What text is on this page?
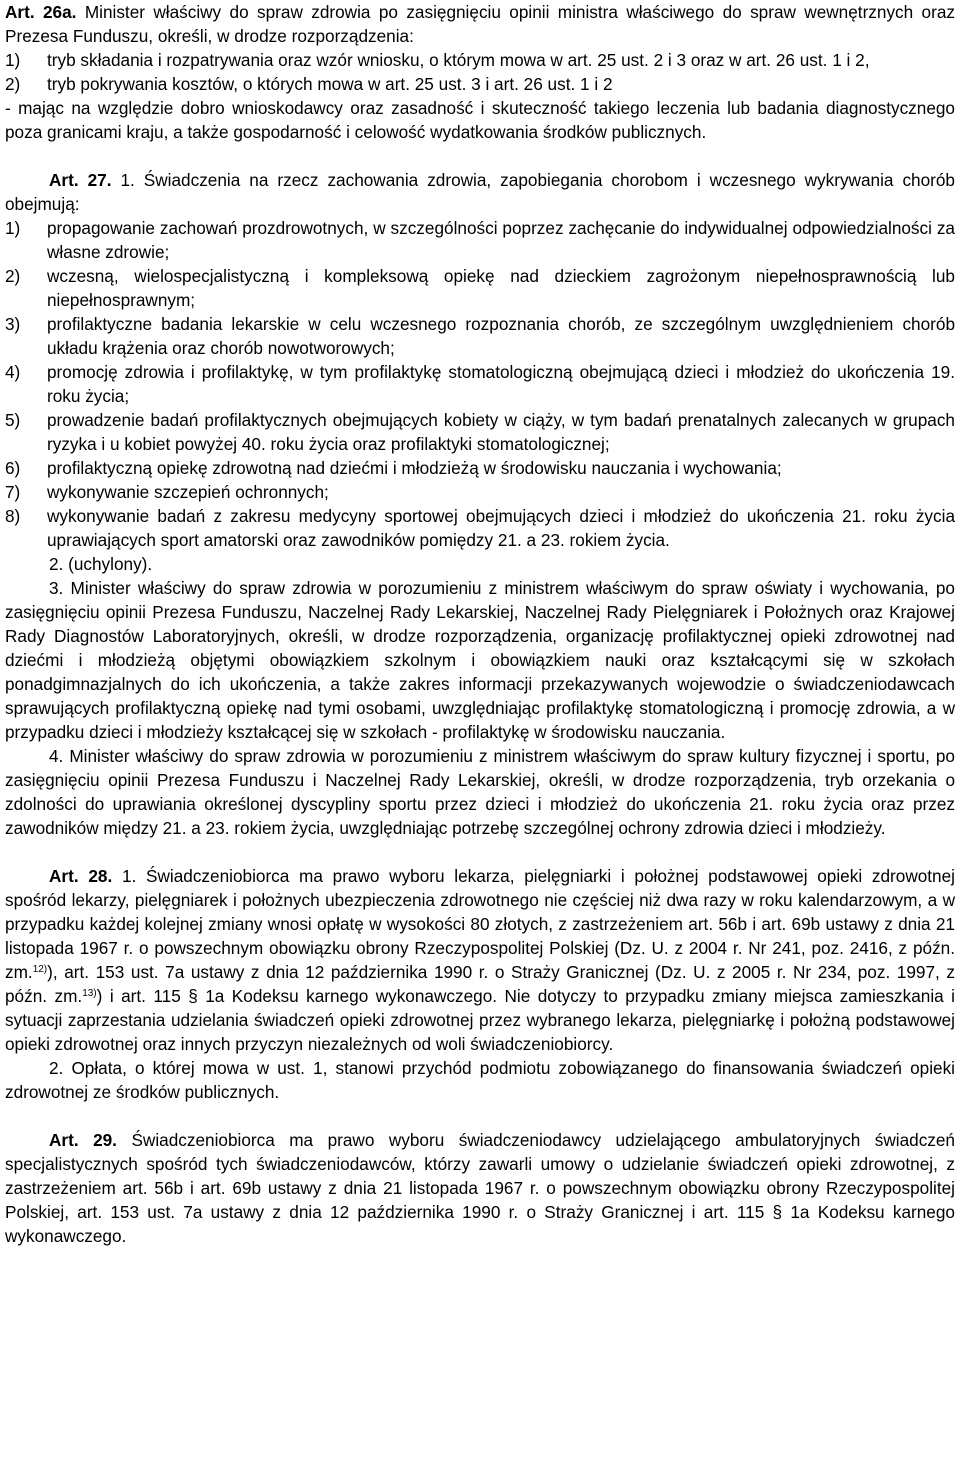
Art. 26a. Minister właściwy do spraw zdrowia po zasięgnięciu opinii ministra właściwego do spraw wewnętrznych oraz Prezesa Funduszu, określi, w drodze rozporządzenia:

1)	tryb składania i rozpatrywania oraz wzór wniosku, o którym mowa w art. 25 ust. 2 i 3 oraz w art. 26 ust. 1 i 2,
2)	tryb pokrywania kosztów, o których mowa w art. 25 ust. 3 i art. 26 ust. 1 i 2

- mając na względzie dobro wnioskodawcy oraz zasadność i skuteczność takiego leczenia lub badania diagnostycznego poza granicami kraju, a także gospodarność i celowość wydatkowania środków publicznych.

Art. 27. 1. Świadczenia na rzecz zachowania zdrowia, zapobiegania chorobom i wczesnego wykrywania chorób obejmują:

1)	propagowanie zachowań prozdrowotnych, w szczególności poprzez zachęcanie do indywidualnej odpowiedzialności za własne zdrowie;
2)	wczesną, wielospecjalistyczną i kompleksową opiekę nad dzieckiem zagrożonym niepełnosprawnością lub niepełnosprawnym;
3)	profilaktyczne badania lekarskie w celu wczesnego rozpoznania chorób, ze szczególnym uwzględnieniem chorób układu krążenia oraz chorób nowotworowych;
4)	promocję zdrowia i profilaktykę, w tym profilaktykę stomatologiczną obejmującą dzieci i młodzież do ukończenia 19. roku życia;
5)	prowadzenie badań profilaktycznych obejmujących kobiety w ciąży, w tym badań prenatalnych zalecanych w grupach ryzyka i u kobiet powyżej 40. roku życia oraz profilaktyki stomatologicznej;
6)	profilaktyczną opiekę zdrowotną nad dziećmi i młodzieżą w środowisku nauczania i wychowania;
7)	wykonywanie szczepień ochronnych;
8)	wykonywanie badań z zakresu medycyny sportowej obejmujących dzieci i młodzież do ukończenia 21. roku życia uprawiających sport amatorski oraz zawodników pomiędzy 21. a 23. rokiem życia.

2. (uchylony).

3. Minister właściwy do spraw zdrowia w porozumieniu z ministrem właściwym do spraw oświaty i wychowania, po zasięgnięciu opinii Prezesa Funduszu, Naczelnej Rady Lekarskiej, Naczelnej Rady Pielęgniarek i Położnych oraz Krajowej Rady Diagnostów Laboratoryjnych, określi, w drodze rozporządzenia, organizację profilaktycznej opieki zdrowotnej nad dziećmi i młodzieżą objętymi obowiązkiem szkolnym i obowiązkiem nauki oraz kształcącymi się w szkołach ponadgimnazjalnych do ich ukończenia, a także zakres informacji przekazywanych wojewodzie o świadczeniodawcach sprawujących profilaktyczną opiekę nad tymi osobami, uwzględniając profilaktykę stomatologiczną i promocję zdrowia, a w przypadku dzieci i młodzieży kształcącej się w szkołach - profilaktykę w środowisku nauczania.

4. Minister właściwy do spraw zdrowia w porozumieniu z ministrem właściwym do spraw kultury fizycznej i sportu, po zasięgnięciu opinii Prezesa Funduszu i Naczelnej Rady Lekarskiej, określi, w drodze rozporządzenia, tryb orzekania o zdolności do uprawiania określonej dyscypliny sportu przez dzieci i młodzież do ukończenia 21. roku życia oraz przez zawodników między 21. a 23. rokiem życia, uwzględniając potrzebę szczególnej ochrony zdrowia dzieci i młodzieży.

Art. 28. 1. Świadczeniobiorca ma prawo wyboru lekarza, pielęgniarki i położnej podstawowej opieki zdrowotnej spośród lekarzy, pielęgniarek i położnych ubezpieczenia zdrowotnego nie częściej niż dwa razy w roku kalendarzowym, a w przypadku każdej kolejnej zmiany wnosi opłatę w wysokości 80 złotych, z zastrzeżeniem art. 56b i art. 69b ustawy z dnia 21 listopada 1967 r. o powszechnym obowiązku obrony Rzeczypospolitej Polskiej (Dz. U. z 2004 r. Nr 241, poz. 2416, z późn. zm.$^{12)}$), art. 153 ust. 7a ustawy z dnia 12 października 1990 r. o Straży Granicznej (Dz. U. z 2005 r. Nr 234, poz. 1997, z późn. zm.$^{13)}$) i art. 115 § 1a Kodeksu karnego wykonawczego. Nie dotyczy to przypadku zmiany miejsca zamieszkania i sytuacji zaprzestania udzielania świadczeń opieki zdrowotnej przez wybranego lekarza, pielęgniarkę i położną podstawowej opieki zdrowotnej oraz innych przyczyn niezależnych od woli świadczeniobiorcy.

2. Opłata, o której mowa w ust. 1, stanowi przychód podmiotu zobowiązanego do finansowania świadczeń opieki zdrowotnej ze środków publicznych.

Art. 29. Świadczeniobiorca ma prawo wyboru świadczeniodawcy udzielającego ambulatoryjnych świadczeń specjalistycznych spośród tych świadczeniodawców, którzy zawarli umowy o udzielanie świadczeń opieki zdrowotnej, z zastrzeżeniem art. 56b i art. 69b ustawy z dnia 21 listopada 1967 r. o powszechnym obowiązku obrony Rzeczypospolitej Polskiej, art. 153 ust. 7a ustawy z dnia 12 października 1990 r. o Straży Granicznej i art. 115 § 1a Kodeksu karnego wykonawczego.
